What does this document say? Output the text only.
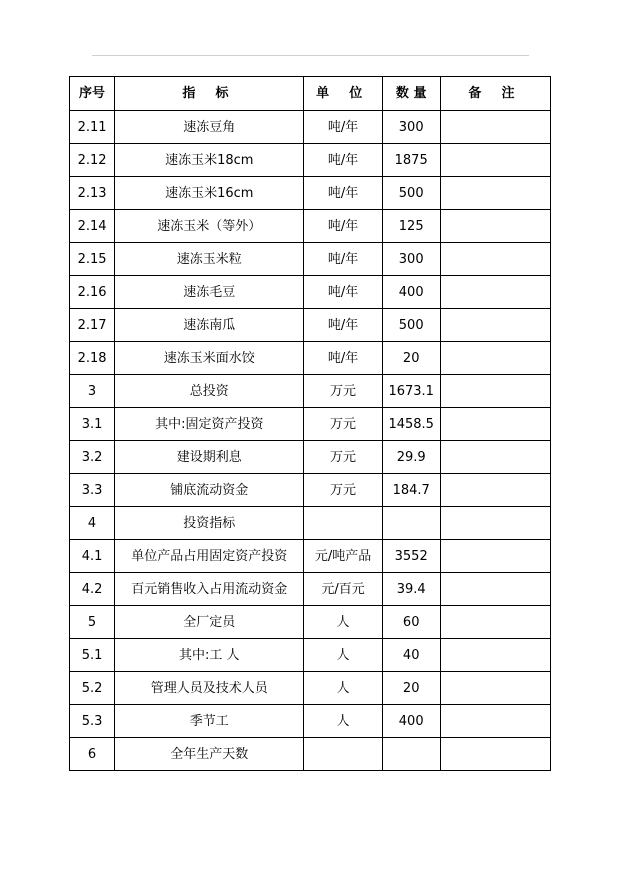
序号	指 标	单 位	数 量	备 注
2.11	速冻豆角	吨/年	300	
2.12	速冻玉米18cm	吨/年	1875	
2.13	速冻玉米16cm	吨/年	500	
2.14	速冻玉米（等外）	吨/年	125	
2.15	速冻玉米粒	吨/年	300	
2.16	速冻毛豆	吨/年	400	
2.17	速冻南瓜	吨/年	500	
2.18	速冻玉米面水饺	吨/年	20	
3	总投资	万元	1673.1	
3.1	其中:固定资产投资	万元	1458.5	
3.2	建设期利息	万元	29.9	
3.3	铺底流动资金	万元	184.7	
4	投资指标			
4.1	单位产品占用固定资产投资	元/吨产品	3552	
4.2	百元销售收入占用流动资金	元/百元	39.4	
5	全厂定员	人	60	
5.1	其中:工 人	人	40	
5.2	管理人员及技术人员	人	20	
5.3	季节工	人	400	
6	全年生产天数			
